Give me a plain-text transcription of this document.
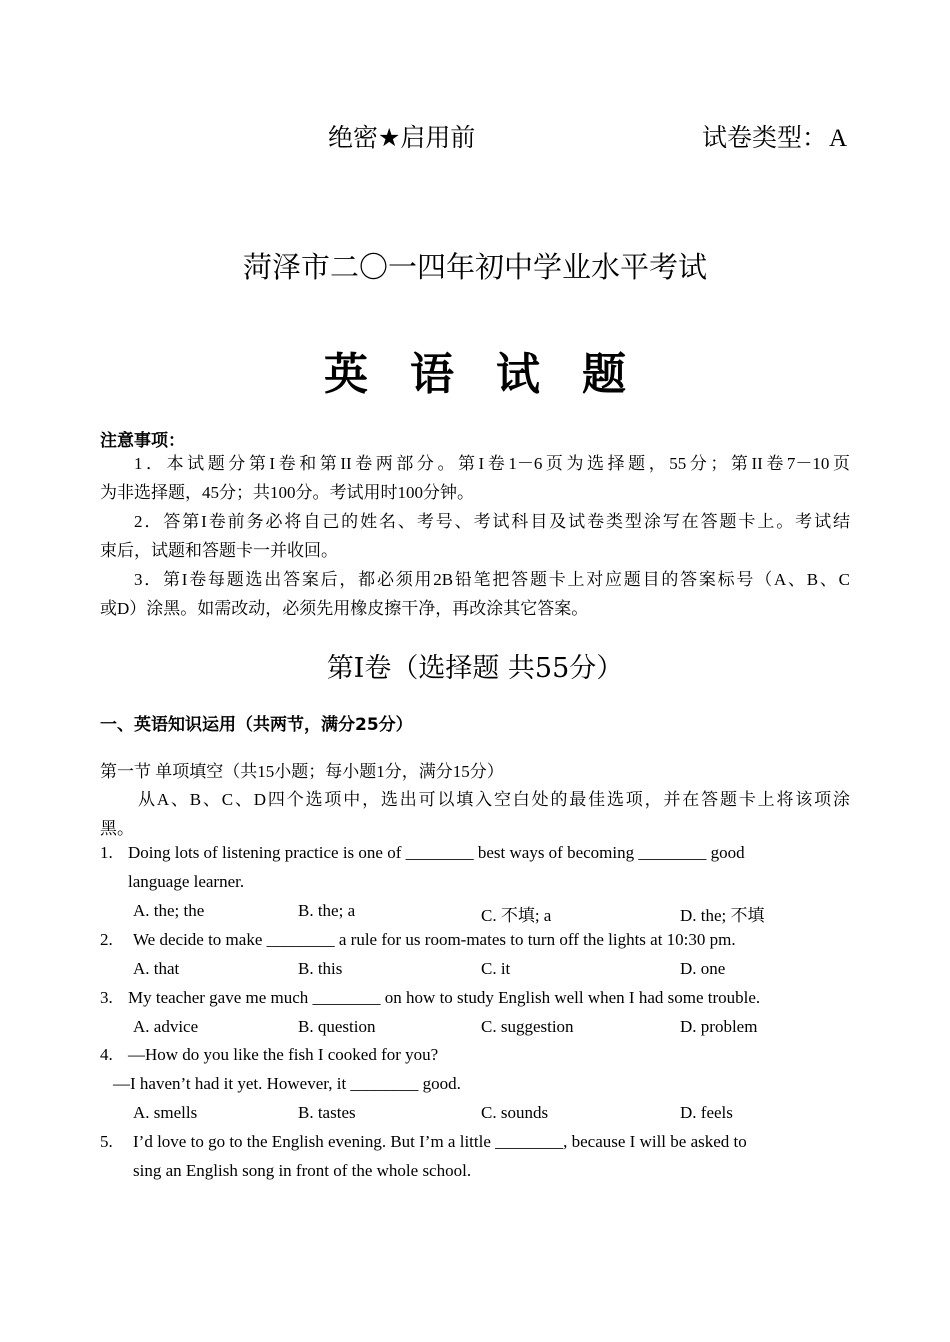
绝密★启用前	试卷类型：A
菏泽市二〇一四年初中学业水平考试
英语试题
注意事项：
1．本试题分第I卷和第II卷两部分。第I卷1－6页为选择题，55分；第II卷7－10页
为非选择题，45分；共100分。考试用时100分钟。
2．答第I卷前务必将自己的姓名、考号、考试科目及试卷类型涂写在答题卡上。考试结
束后，试题和答题卡一并收回。
3．第I卷每题选出答案后，都必须用2B铅笔把答题卡上对应题目的答案标号（A、B、C
或D）涂黑。如需改动，必须先用橡皮擦干净，再改涂其它答案。
第I卷（选择题 共55分）
一、英语知识运用（共两节，满分25分）
第一节 单项填空（共15小题；每小题1分，满分15分）
从A、B、C、D四个选项中，选出可以填入空白处的最佳选项，并在答题卡上将该项涂
黑。
1. Doing lots of listening practice is one of ________ best ways of becoming ________ good
language learner.
A. the; the	B. the; a	C. 不填; a	D. the; 不填
2. We decide to make ________ a rule for us room-mates to turn off the lights at 10:30 pm.
A. that	B. this	C. it	D. one
3. My teacher gave me much ________ on how to study English well when I had some trouble.
A. advice	B. question	C. suggestion	D. problem
4. —How do you like the fish I cooked for you?
—I haven’t had it yet. However, it ________ good.
A. smells	B. tastes	C. sounds	D. feels
5. I’d love to go to the English evening. But I’m a little ________, because I will be asked to
sing an English song in front of the whole school.
